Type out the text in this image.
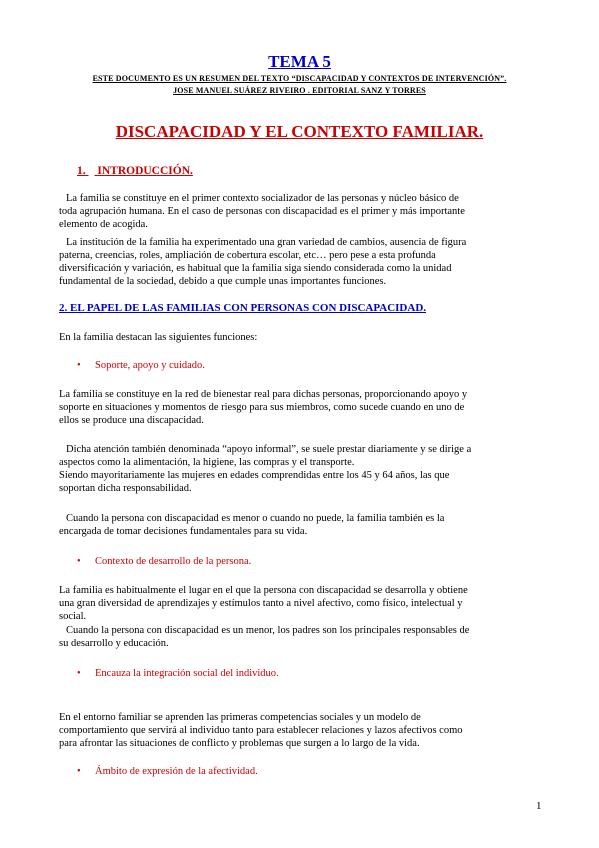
TEMA 5
ESTE DOCUMENTO ES UN RESUMEN DEL TEXTO “DISCAPACIDAD Y CONTEXTOS DE INTERVENCIÓN”.
JOSE MANUEL SUÁREZ RIVEIRO . EDITORIAL SANZ Y TORRES
DISCAPACIDAD Y EL CONTEXTO FAMILIAR.
1. INTRODUCCIÓN.
La familia se constituye en el primer contexto socializador de las personas y núcleo básico de
toda agrupación humana. En el caso de personas con discapacidad es el primer y más importante
elemento de acogida.
La institución de la familia ha experimentado una gran variedad de cambios, ausencia de figura
paterna, creencias, roles, ampliación de cobertura escolar, etc… pero pese a esta profunda
diversificación y variación, es habitual que la familia siga siendo considerada como la unidad
fundamental de la sociedad, debido a que cumple unas importantes funciones.
2. EL PAPEL DE LAS FAMILIAS CON PERSONAS CON DISCAPACIDAD.
En la familia destacan las siguientes funciones:
• Soporte, apoyo y cuidado.
La familia se constituye en la red de bienestar real para dichas personas, proporcionando apoyo y
soporte en situaciones y momentos de riesgo para sus miembros, como sucede cuando en uno de
ellos se produce una discapacidad.
Dicha atención también denominada “apoyo informal”, se suele prestar diariamente y se dirige a
aspectos como la alimentación, la higiene, las compras y el transporte.
Siendo mayoritariamente las mujeres en edades comprendidas entre los 45 y 64 años, las que
soportan dicha responsabilidad.
Cuando la persona con discapacidad es menor o cuando no puede, la familia también es la
encargada de tomar decisiones fundamentales para su vida.
• Contexto de desarrollo de la persona.
La familia es habitualmente el lugar en el que la persona con discapacidad se desarrolla y obtiene
una gran diversidad de aprendizajes y estímulos tanto a nivel afectivo, como físico, intelectual y
social.
Cuando la persona con discapacidad es un menor, los padres son los principales responsables de
su desarrollo y educación.
• Encauza la integración social del individuo.
En el entorno familiar se aprenden las primeras competencias sociales y un modelo de
comportamiento que servirá al individuo tanto para establecer relaciones y lazos afectivos como
para afrontar las situaciones de conflicto y problemas que surgen a lo largo de la vida.
• Ámbito de expresión de la afectividad.
1
